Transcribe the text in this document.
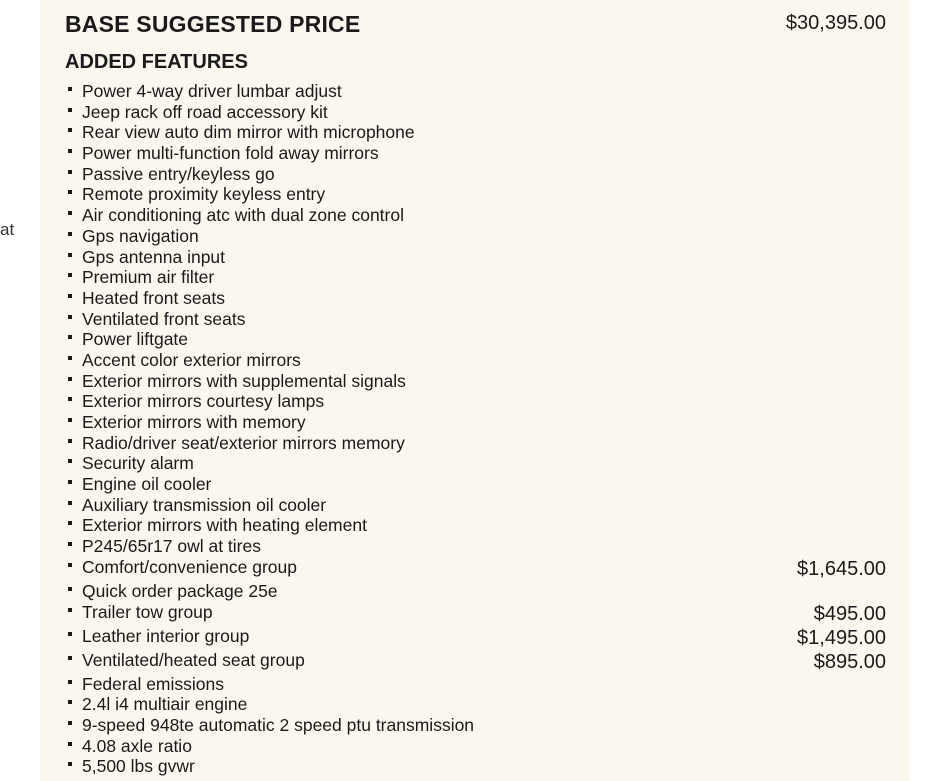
at
BASE SUGGESTED PRICE	$30,395.00
ADDED FEATURES
Power 4-way driver lumbar adjust
Jeep rack off road accessory kit
Rear view auto dim mirror with microphone
Power multi-function fold away mirrors
Passive entry/keyless go
Remote proximity keyless entry
Air conditioning atc with dual zone control
Gps navigation
Gps antenna input
Premium air filter
Heated front seats
Ventilated front seats
Power liftgate
Accent color exterior mirrors
Exterior mirrors with supplemental signals
Exterior mirrors courtesy lamps
Exterior mirrors with memory
Radio/driver seat/exterior mirrors memory
Security alarm
Engine oil cooler
Auxiliary transmission oil cooler
Exterior mirrors with heating element
P245/65r17 owl at tires
Comfort/convenience group	$1,645.00
Quick order package 25e
Trailer tow group	$495.00
Leather interior group	$1,495.00
Ventilated/heated seat group	$895.00
Federal emissions
2.4l i4 multiair engine
9-speed 948te automatic 2 speed ptu transmission
4.08 axle ratio
5,500 lbs gvwr
